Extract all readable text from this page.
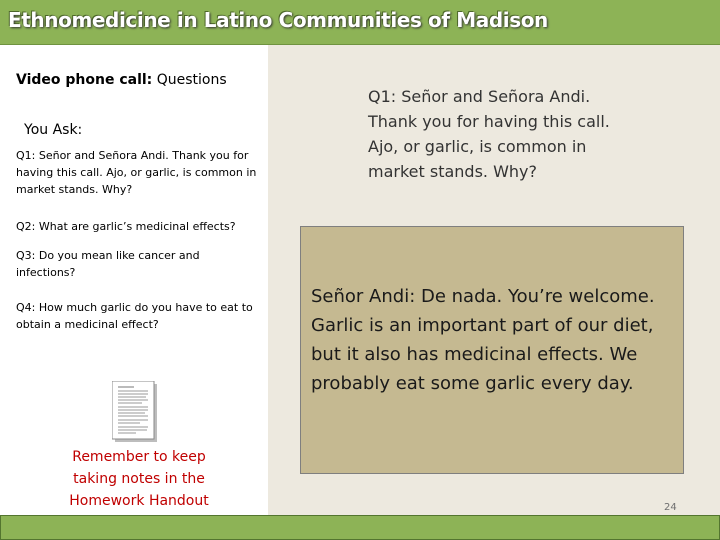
Ethnomedicine in Latino Communities of Madison
Video phone call: Questions
You Ask:
Q1: Señor and Señora Andi. Thank you for having this call. Ajo, or garlic, is common in market stands. Why?
Q2: What are garlic’s medicinal effects?
Q3: Do you mean like cancer and infections?
Q4: How much garlic do you have to eat to obtain a medicinal effect?
Remember to keep taking notes in the Homework Handout
Q1: Señor and Señora Andi. Thank you for having this call. Ajo, or garlic, is common in market stands. Why?
Señor Andi: De nada. You’re welcome. Garlic is an important part of our diet, but it also has medicinal effects. We probably eat some garlic every day.
24
